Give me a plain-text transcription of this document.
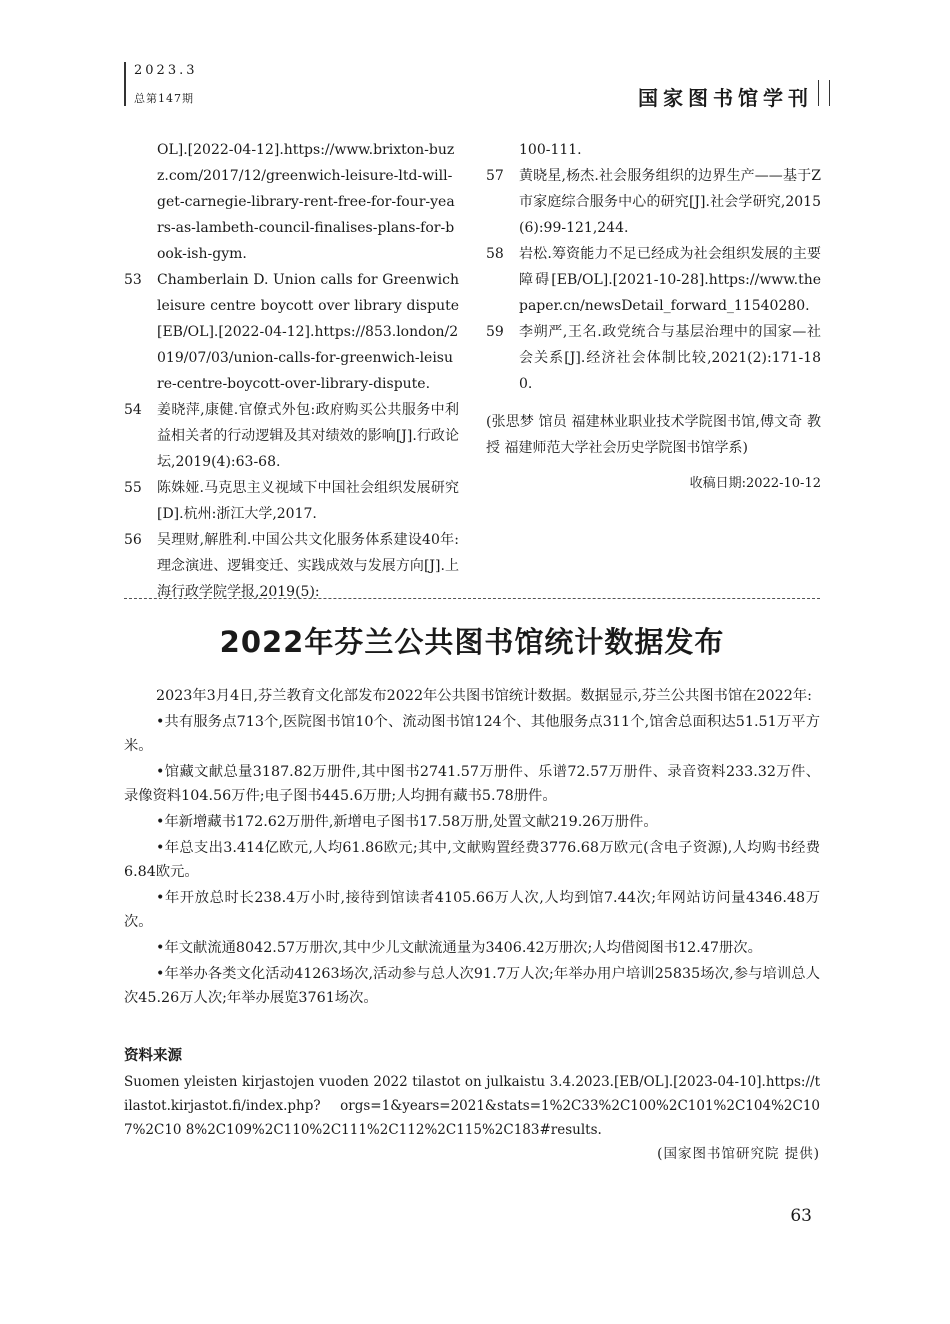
2023.3
总第147期	国家图书馆学刊
OL].[2022-04-12].https://www.brixton-buzz.com/2017/12/greenwich-leisure-ltd-will-get-carnegie-library-rent-free-for-four-years-as-lambeth-council-finalises-plans-for-book-ish-gym.
53 Chamberlain D. Union calls for Greenwich leisure centre boycott over library dispute[EB/OL].[2022-04-12].https://853.london/2019/07/03/union-calls-for-greenwich-leisure-centre-boycott-over-library-dispute.
54 姜晓萍,康健.官僚式外包:政府购买公共服务中利益相关者的行动逻辑及其对绩效的影响[J].行政论坛,2019(4):63-68.
55 陈姝娅.马克思主义视域下中国社会组织发展研究[D].杭州:浙江大学,2017.
56 吴理财,解胜利.中国公共文化服务体系建设40年:理念演进、逻辑变迁、实践成效与发展方向[J].上海行政学院学报,2019(5):
100-111.
57 黄晓星,杨杰.社会服务组织的边界生产——基于Z市家庭综合服务中心的研究[J].社会学研究,2015(6):99-121,244.
58 岩松.筹资能力不足已经成为社会组织发展的主要障碍[EB/OL].[2021-10-28].https://www.thepaper.cn/newsDetail_forward_11540280.
59 李朔严,王名.政党统合与基层治理中的国家—社会关系[J].经济社会体制比较,2021(2):171-180.
(张思梦 馆员 福建林业职业技术学院图书馆,傅文奇 教授 福建师范大学社会历史学院图书馆学系)
收稿日期:2022-10-12
2022年芬兰公共图书馆统计数据发布

2023年3月4日,芬兰教育文化部发布2022年公共图书馆统计数据。数据显示,芬兰公共图书馆在2022年:

•共有服务点713个,医院图书馆10个、流动图书馆124个、其他服务点311个,馆舍总面积达51.51万平方米。

•馆藏文献总量3187.82万册件,其中图书2741.57万册件、乐谱72.57万册件、录音资料233.32万件、录像资料104.56万件;电子图书445.6万册;人均拥有藏书5.78册件。

•年新增藏书172.62万册件,新增电子图书17.58万册,处置文献219.26万册件。

•年总支出3.414亿欧元,人均61.86欧元;其中,文献购置经费3776.68万欧元(含电子资源),人均购书经费6.84欧元。

•年开放总时长238.4万小时,接待到馆读者4105.66万人次,人均到馆7.44次;年网站访问量4346.48万次。

•年文献流通8042.57万册次,其中少儿文献流通量为3406.42万册次;人均借阅图书12.47册次。

•年举办各类文化活动41263场次,活动参与总人次91.7万人次;年举办用户培训25835场次,参与培训总人次45.26万人次;年举办展览3761场次。

资料来源
Suomen yleisten kirjastojen vuoden 2022 tilastot on julkaistu 3.4.2023.[EB/OL].[2023-04-10].https://tilastot.kirjastot.fi/index.php? orgs=1&years=2021&stats=1%2C33%2C100%2C101%2C104%2C107%2C10 8%2C109%2C110%2C111%2C112%2C115%2C183#results.
(国家图书馆研究院 提供)
63
